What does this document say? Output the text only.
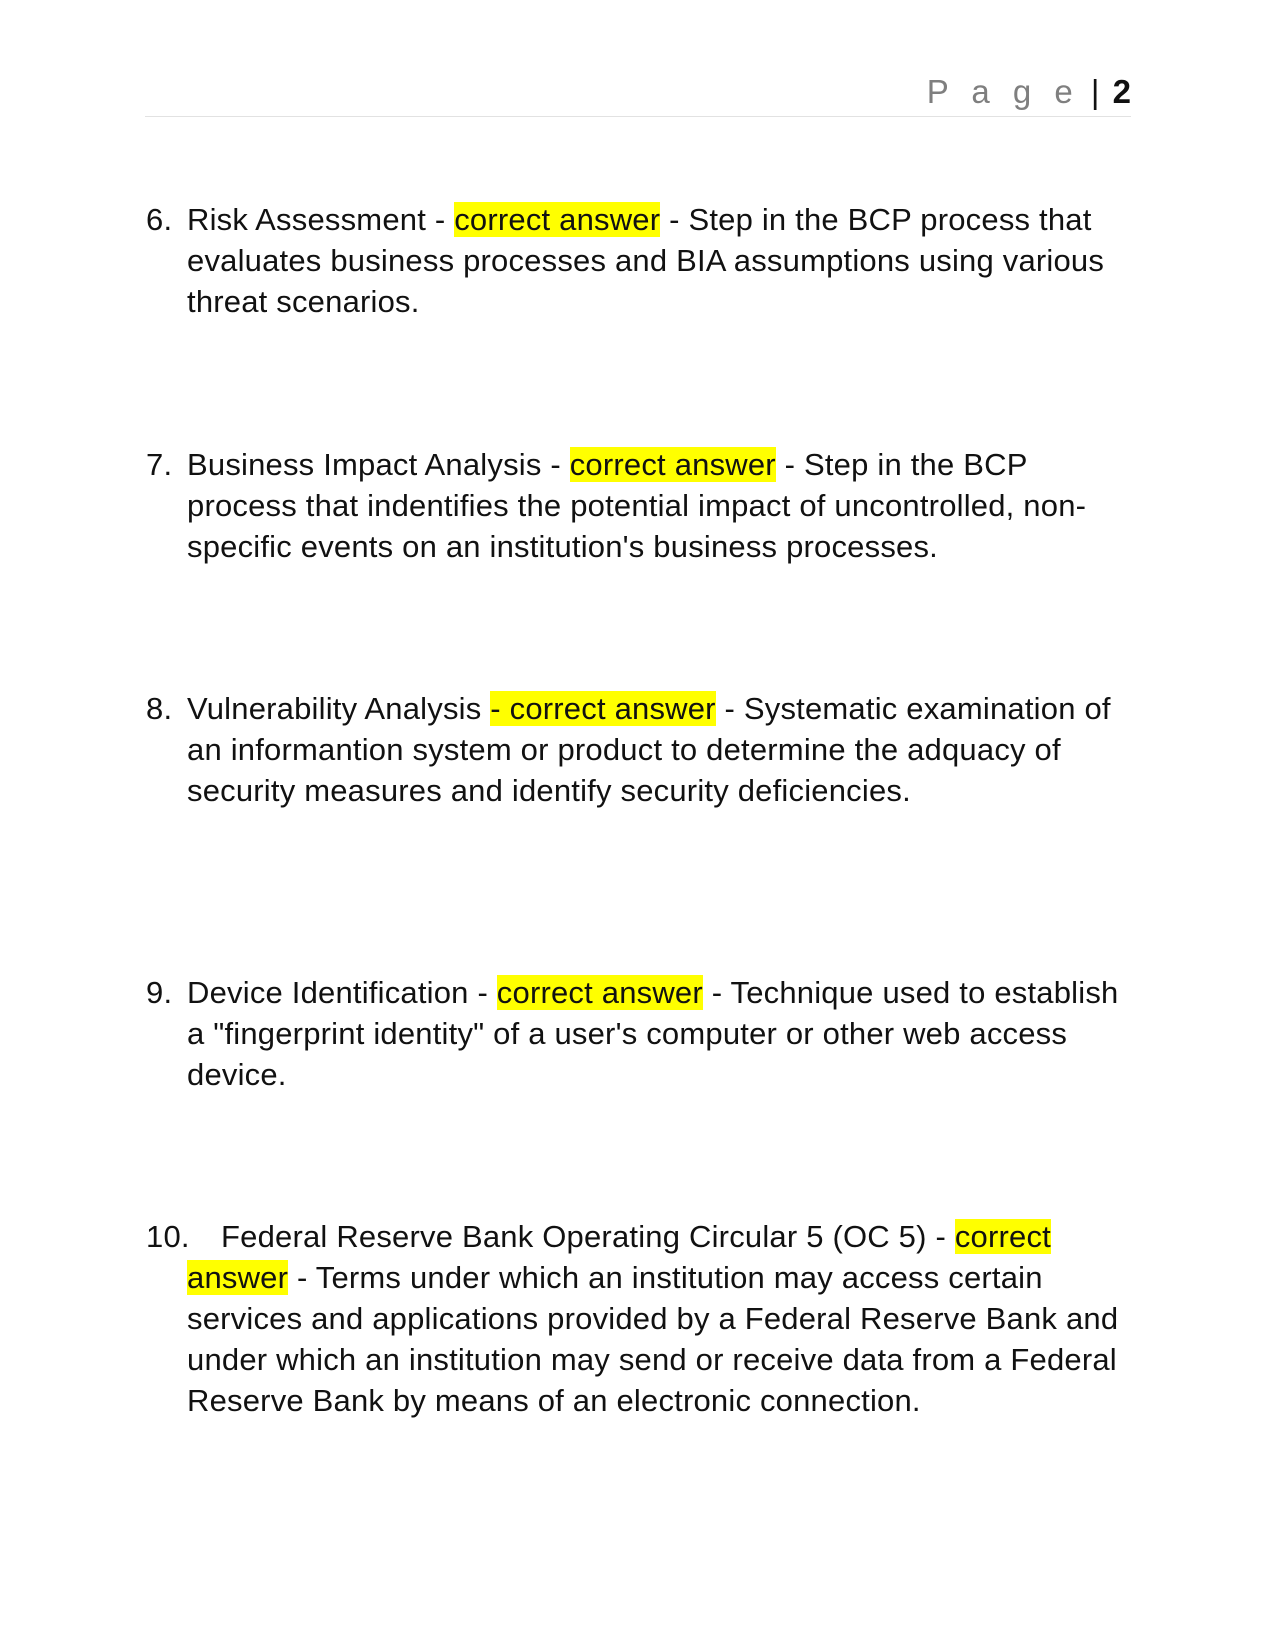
P a g e | 2

6. Risk Assessment - correct answer - Step in the BCP process that evaluates business processes and BIA assumptions using various threat scenarios.

7. Business Impact Analysis - correct answer - Step in the BCP process that indentifies the potential impact of uncontrolled, non-specific events on an institution's business processes.

8. Vulnerability Analysis - correct answer - Systematic examination of an informantion system or product to determine the adquacy of security measures and identify security deficiencies.

9. Device Identification - correct answer - Technique used to establish a "fingerprint identity" of a user's computer or other web access device.

10. Federal Reserve Bank Operating Circular 5 (OC 5) - correct answer - Terms under which an institution may access certain services and applications provided by a Federal Reserve Bank and under which an institution may send or receive data from a Federal Reserve Bank by means of an electronic connection.
